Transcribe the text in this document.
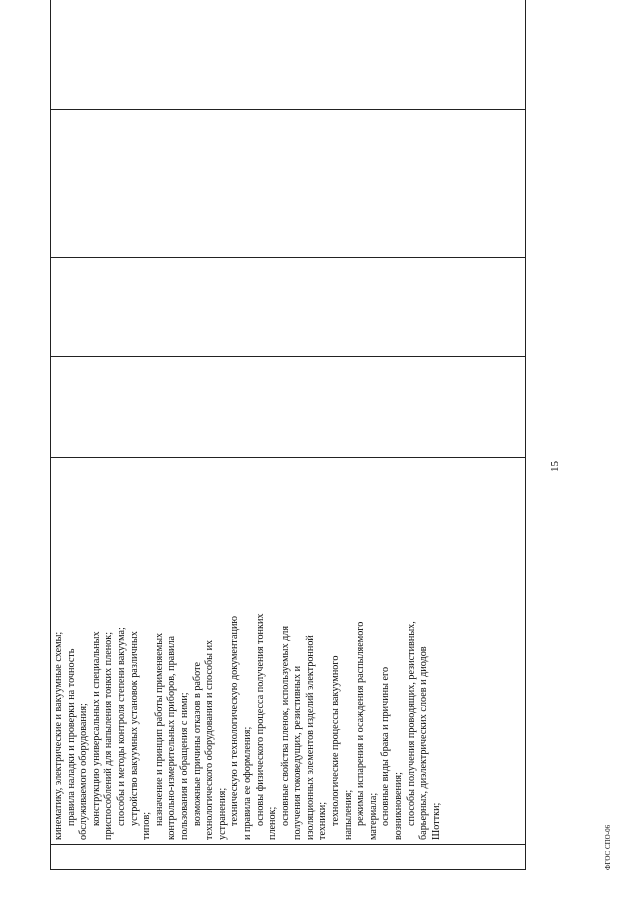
15
ФГОС СПО-06

кинематику, электрические и вакуумные схемы; правила наладки и проверки на точность обслуживаемого оборудования; конструкцию универсальных и специальных приспособлений для напыления тонких пленок; способы и методы контроля степени вакуума; устройство вакуумных установок различных типов; назначение и принцип работы применяемых контрольно-измерительных приборов, правила пользования и обращения с ними; возможные причины отказов в работе технологического оборудования и способы их устранения; техническую и технологическую документацию и правила ее оформления; основы физического процесса получения тонких пленок; основные свойства пленок, используемых для получения токоведущих, резистивных и изоляционных элементов изделий электронной техники; технологические процессы вакуумного напыления; режимы испарения и осаждения распыляемого материала; основные виды брака и причины его возникновения; способы получения проводящих, резистивных, барьерных, диэлектрических слоев и диодов Шоттки;
